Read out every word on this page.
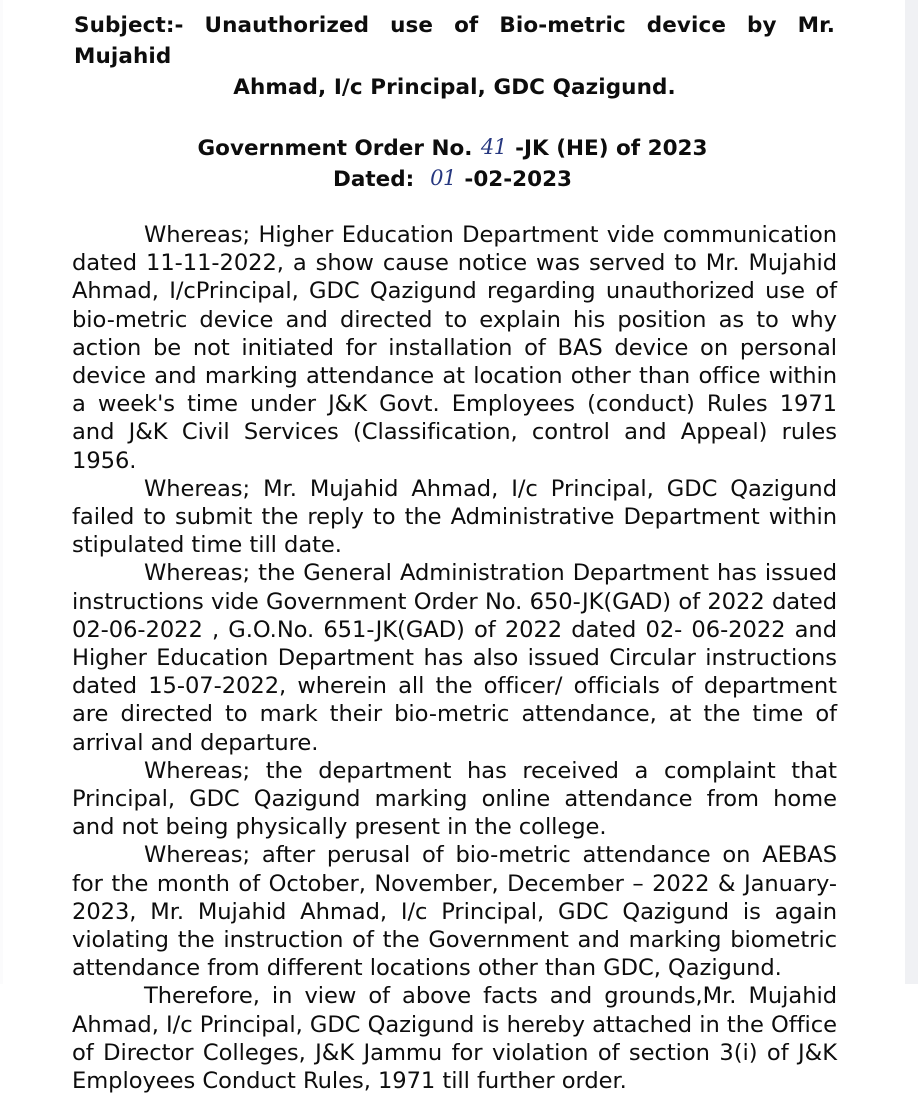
Subject:- Unauthorized use of Bio-metric device by Mr. Mujahid
Ahmad, I/c Principal, GDC Qazigund.
Government Order No. 41 -JK (HE) of 2023
Dated: 01 -02-2023

Whereas; Higher Education Department vide communication dated 11-11-2022, a show cause notice was served to Mr. Mujahid Ahmad, I/cPrincipal, GDC Qazigund regarding unauthorized use of bio-metric device and directed to explain his position as to why action be not initiated for installation of BAS device on personal device and marking attendance at location other than office within a week's time under J&K Govt. Employees (conduct) Rules 1971 and J&K Civil Services (Classification, control and Appeal) rules 1956.

Whereas; Mr. Mujahid Ahmad, I/c Principal, GDC Qazigund failed to submit the reply to the Administrative Department within stipulated time till date.

Whereas; the General Administration Department has issued instructions vide Government Order No. 650-JK(GAD) of 2022 dated 02-06-2022 , G.O.No. 651-JK(GAD) of 2022 dated 02- 06-2022 and Higher Education Department has also issued Circular instructions dated 15-07-2022, wherein all the officer/ officials of department are directed to mark their bio-metric attendance, at the time of arrival and departure.

Whereas; the department has received a complaint that Principal, GDC Qazigund marking online attendance from home and not being physically present in the college.

Whereas; after perusal of bio-metric attendance on AEBAS for the month of October, November, December – 2022 & January-2023, Mr. Mujahid Ahmad, I/c Principal, GDC Qazigund is again violating the instruction of the Government and marking biometric attendance from different locations other than GDC, Qazigund.

Therefore, in view of above facts and grounds,Mr. Mujahid Ahmad, I/c Principal, GDC Qazigund is hereby attached in the Office of Director Colleges, J&K Jammu for violation of section 3(i) of J&K Employees Conduct Rules, 1971 till further order.
